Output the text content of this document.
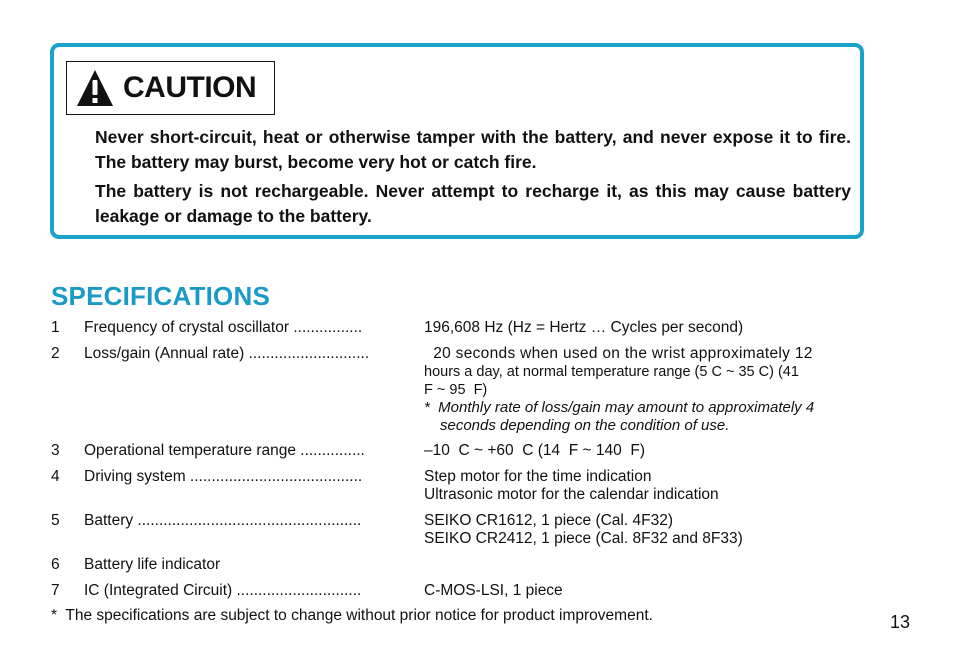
CAUTION
Never short-circuit, heat or otherwise tamper with the battery, and never expose it to fire. The battery may burst, become very hot or catch fire.
The battery is not rechargeable. Never attempt to recharge it, as this may cause battery leakage or damage to the battery.
SPECIFICATIONS
1 Frequency of crystal oscillator ................	196,608 Hz (Hz = Hertz … Cycles per second)
2 Loss/gain (Annual rate) ............................	20 seconds when used on the wrist approximately 12
hours a day, at normal temperature range (5 C ~ 35 C) (41
F ~ 95  F)
*  Monthly rate of loss/gain may amount to approximately 4 seconds depending on the condition of use.
3 Operational temperature range ...............	–10  C ~ +60  C (14  F ~ 140  F)
4 Driving system ........................................	Step motor for the time indication
Ultrasonic motor for the calendar indication
5 Battery ....................................................	SEIKO CR1612, 1 piece (Cal. 4F32)
SEIKO CR2412, 1 piece (Cal. 8F32 and 8F33)
6 Battery life indicator
7 IC (Integrated Circuit) .............................	C-MOS-LSI, 1 piece
*  The specifications are subject to change without prior notice for product improvement.	13
